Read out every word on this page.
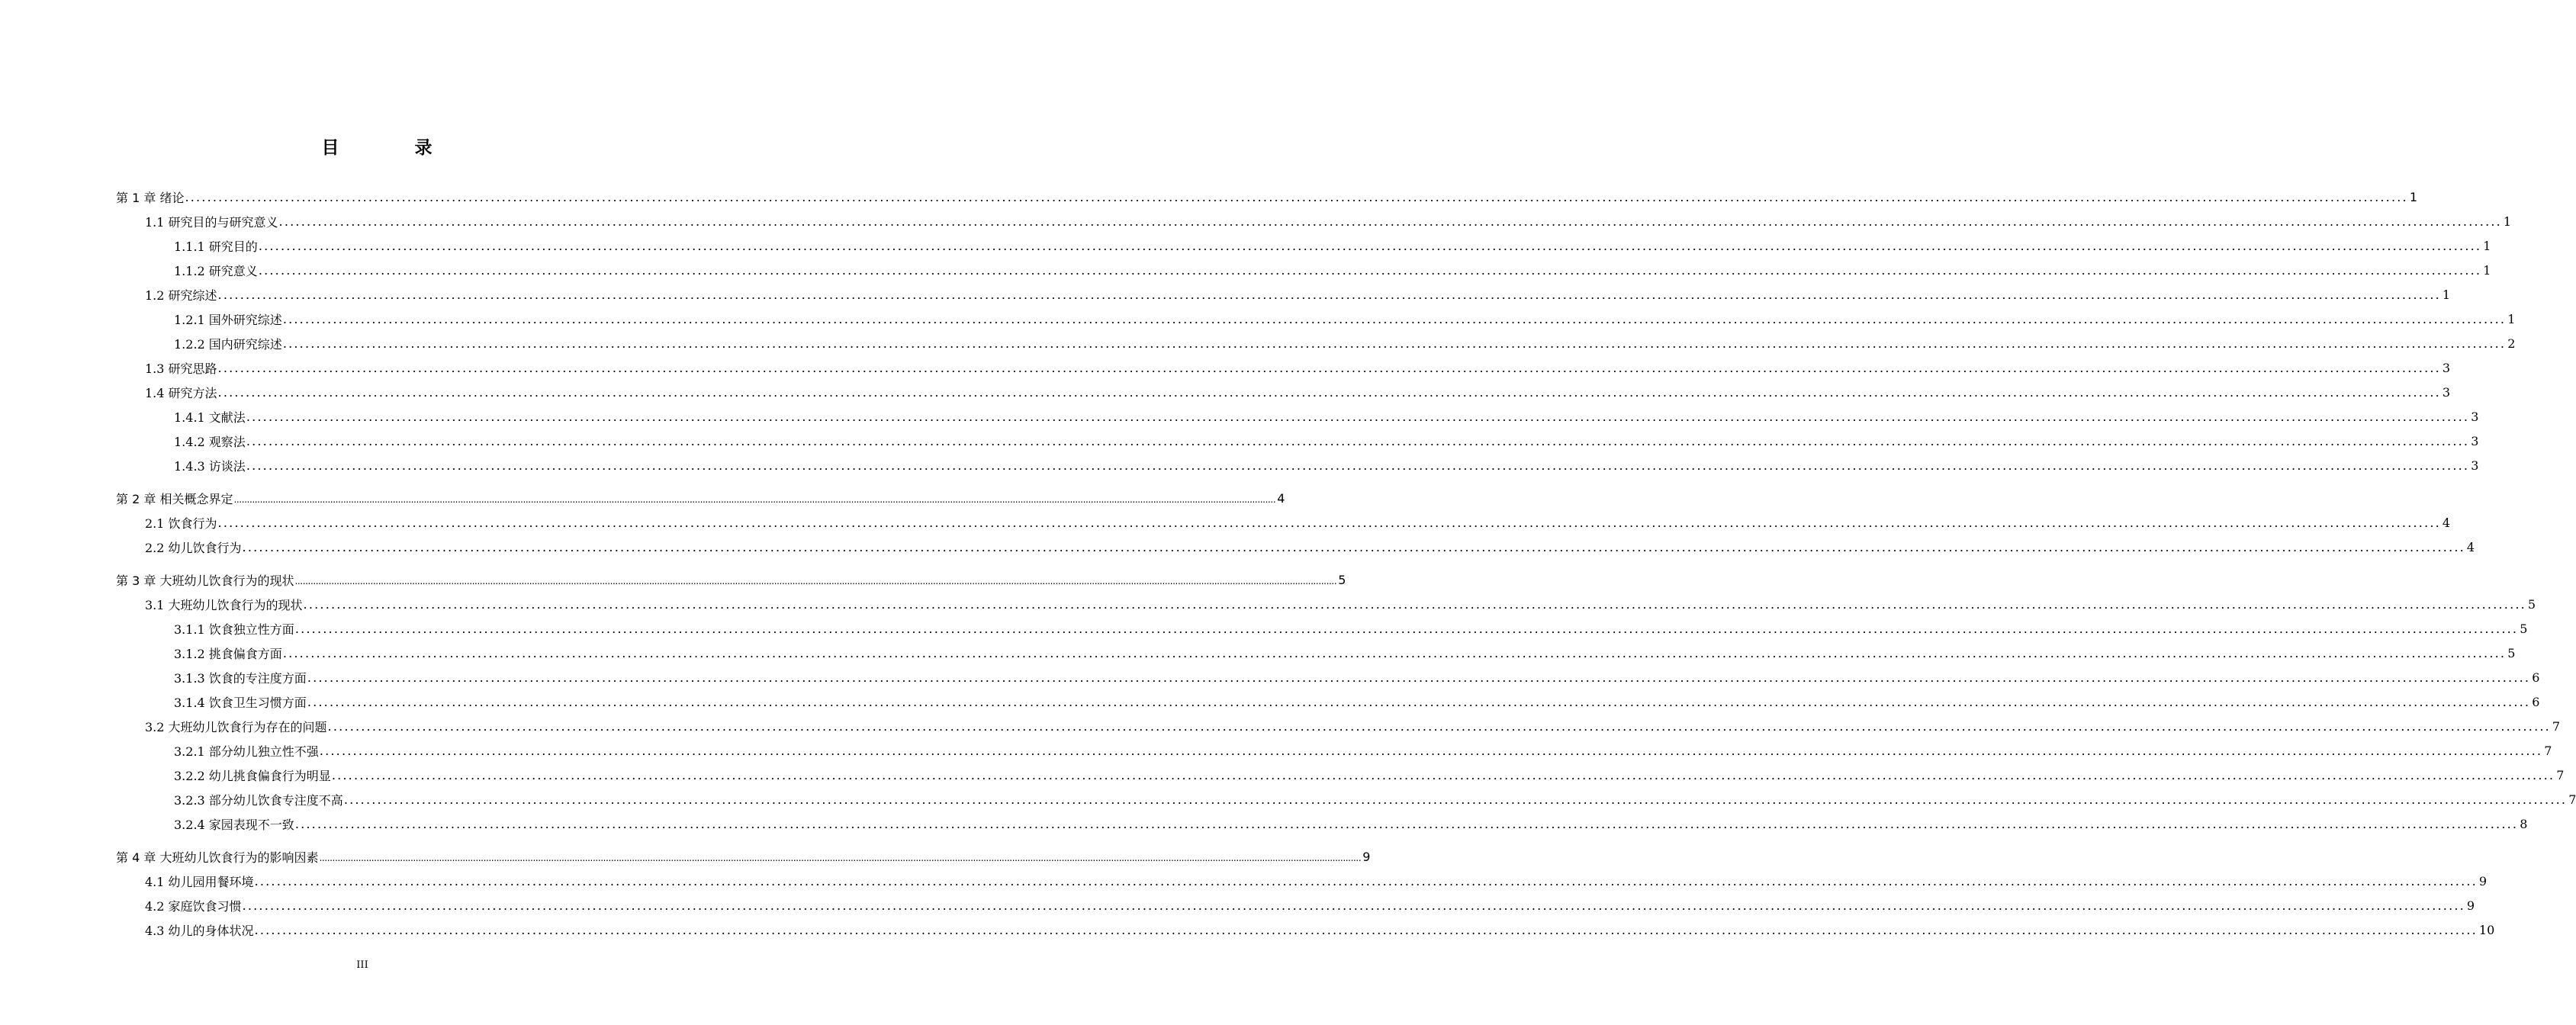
目　录
第 1 章 绪论 ................................................................................................................................................................................................................................................................................................................................................................................................................ 1
1.1 研究目的与研究意义 ................................................................................................................................................................................................................................................................................................................................................................................................................ 1
1.1.1 研究目的 ................................................................................................................................................................................................................................................................................................................................................................................................................ 1
1.1.2 研究意义 ................................................................................................................................................................................................................................................................................................................................................................................................................ 1
1.2 研究综述 ................................................................................................................................................................................................................................................................................................................................................................................................................ 1
1.2.1 国外研究综述 ................................................................................................................................................................................................................................................................................................................................................................................................................ 1
1.2.2 国内研究综述 ................................................................................................................................................................................................................................................................................................................................................................................................................ 2
1.3 研究思路 ................................................................................................................................................................................................................................................................................................................................................................................................................ 3
1.4 研究方法 ................................................................................................................................................................................................................................................................................................................................................................................................................ 3
1.4.1 文献法 ................................................................................................................................................................................................................................................................................................................................................................................................................ 3
1.4.2 观察法 ................................................................................................................................................................................................................................................................................................................................................................................................................ 3
1.4.3 访谈法 ................................................................................................................................................................................................................................................................................................................................................................................................................ 3
第 2 章 相关概念界定 ................................................................................................................................................................................................................................................................................................................................................................................................................ 4
2.1 饮食行为 ................................................................................................................................................................................................................................................................................................................................................................................................................ 4
2.2 幼儿饮食行为 ................................................................................................................................................................................................................................................................................................................................................................................................................ 4
第 3 章 大班幼儿饮食行为的现状 ................................................................................................................................................................................................................................................................................................................................................................................................................ 5
3.1 大班幼儿饮食行为的现状 ................................................................................................................................................................................................................................................................................................................................................................................................................ 5
3.1.1 饮食独立性方面 ................................................................................................................................................................................................................................................................................................................................................................................................................ 5
3.1.2 挑食偏食方面 ................................................................................................................................................................................................................................................................................................................................................................................................................ 5
3.1.3 饮食的专注度方面 ................................................................................................................................................................................................................................................................................................................................................................................................................ 6
3.1.4 饮食卫生习惯方面 ................................................................................................................................................................................................................................................................................................................................................................................................................ 6
3.2 大班幼儿饮食行为存在的问题 ................................................................................................................................................................................................................................................................................................................................................................................................................ 7
3.2.1 部分幼儿独立性不强 ................................................................................................................................................................................................................................................................................................................................................................................................................ 7
3.2.2 幼儿挑食偏食行为明显 ................................................................................................................................................................................................................................................................................................................................................................................................................ 7
3.2.3 部分幼儿饮食专注度不高 ................................................................................................................................................................................................................................................................................................................................................................................................................ 7
3.2.4 家园表现不一致 ................................................................................................................................................................................................................................................................................................................................................................................................................ 8
第 4 章 大班幼儿饮食行为的影响因素 ................................................................................................................................................................................................................................................................................................................................................................................................................ 9
4.1 幼儿园用餐环境 ................................................................................................................................................................................................................................................................................................................................................................................................................ 9
4.2 家庭饮食习惯 ................................................................................................................................................................................................................................................................................................................................................................................................................ 9
4.3 幼儿的身体状况 ................................................................................................................................................................................................................................................................................................................................................................................................................ 10
III
